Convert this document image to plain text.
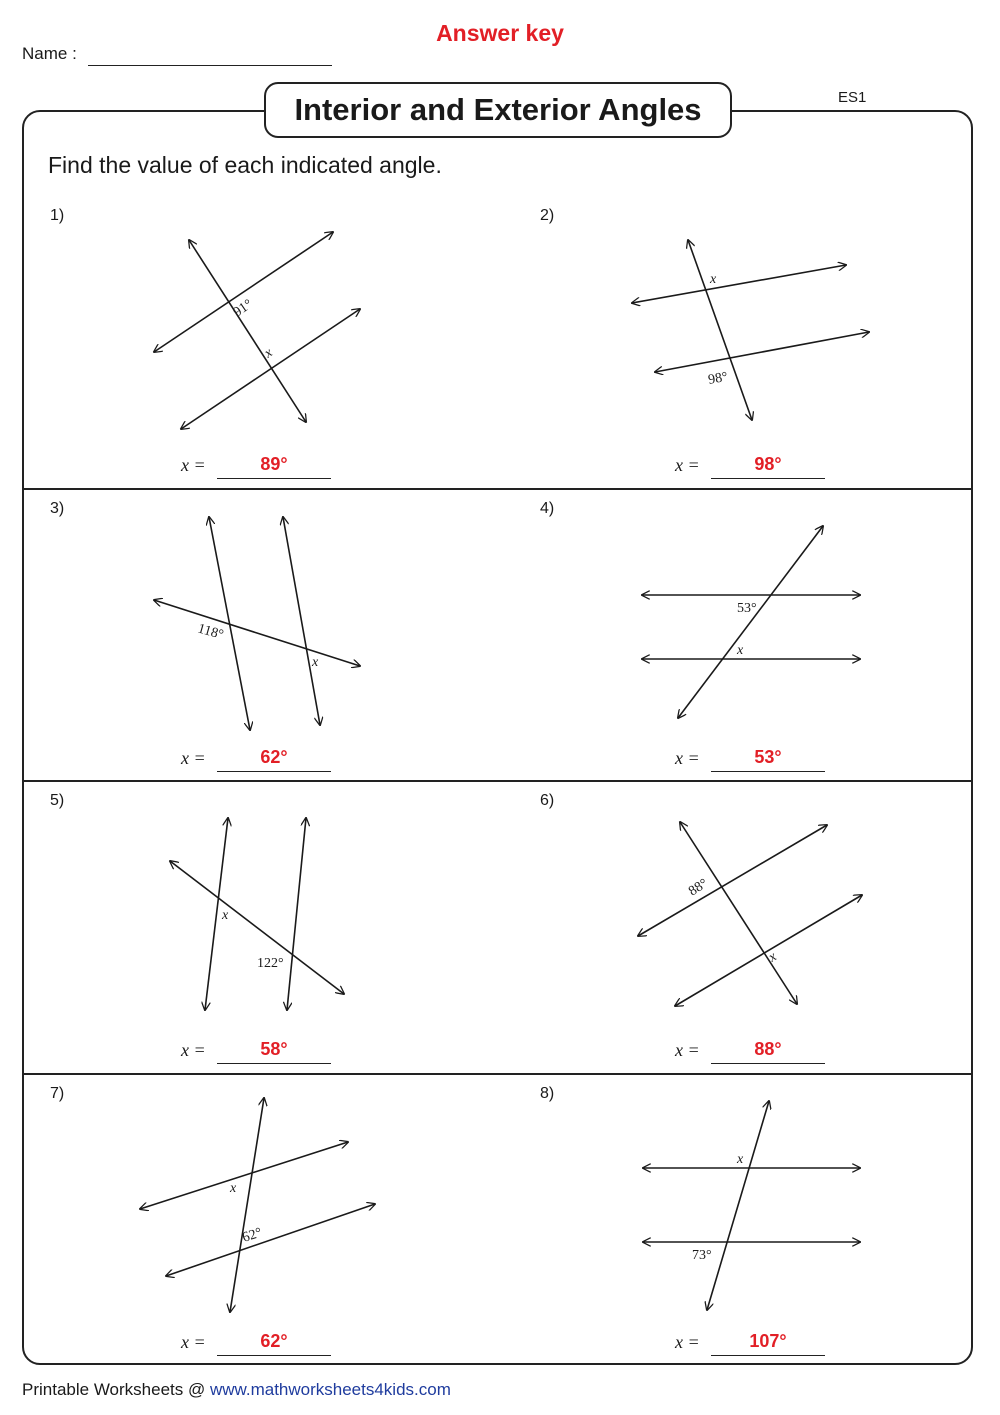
Name :
Answer key
ES1
Interior and Exterior Angles
Find the value of each indicated angle.
1)	2)
3)	4)
5)	6)
7)	8)
x =	89°	x =	98°
x =	62°	x =	53°
x =	58°	x =	88°
x =	62°	x =	107°
91°
x
x
98°
118°
x
53°
x
x
122°
88°
x
x
62°
x
73°
Printable Worksheets @ www.mathworksheets4kids.com
